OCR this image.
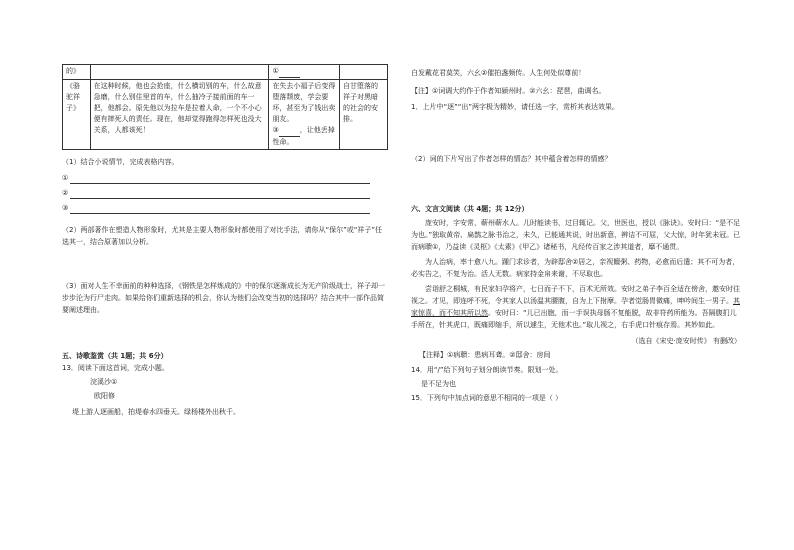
的》		①	
《骆驼祥子》	在这种时候，他也会抢座，什么横切别的车，什么故意急磨，什么别住里首的车，什么抽冷子接前面的车一把，他都会。原先他以为拉车是拉着人命，一个不小心便有摔死人的责任。现在，他却觉得跑得怎样死也没大关系，人都该死！	在失去小福子后变得堕落颓废，学会要坏，甚至为了钱出卖朋友。
③ ，让他丢掉性命。	自甘堕落的祥子对黑暗的社会的安排。

（1）结合小说情节，完成表格内容。

①
②
③

（2）两部著作在塑造人物形象时，尤其是主要人物形象时都使用了对比手法，请你从“保尔”或“祥子”任选其一，结合原著加以分析。

（3）面对人生不幸面前的种种选择，《钢铁是怎样炼成的》中的保尔逐渐成长为无产阶级战士，祥子却一步步沦为行尸走肉。如果给你们重新选择的机会，你认为他们会改变当初的选择吗？结合其中一部作品简要阐述理由。

五、诗歌鉴赏（共 1题；共 6分）

13．阅读下面这首词，完成小题。

浣溪沙①

欧阳修

堤上游人逐画船，拍堤春水四垂天。绿杨楼外出秋千。

白发戴花君莫笑，六幺②催拍盏频传。人生何处似尊前！

【注】①词调大约作于作者知颍州时。②六幺：琵琶，曲调名。

1．上片中“逐”“出”两字极为精妙，请任选一字，赏析其表达效果。

（2）词的下片写出了作者怎样的情态？其中蕴含着怎样的情感？

六、文言文阅读（共 4题；共 12分）

庞安时，字安常，蕲州蕲水人。儿时能读书，过目辄记。父，世医也，授以《脉诀》。安时曰：“是不足为也。”独取黄帝、扁鹊之脉书治之，未久，已能通其说，时出新意，辨诘不可屈，父大惊，时年犹未冠。已而病聩①，乃益读《灵枢》《太素》《甲乙》诸秘书，凡经传百家之涉其道者，靡不通贯。

为人治病，率十愈八九。踵门求诊者，为辟邸舍②居之，亲视饘粥、药物，必愈而后遣；其不可为者，必实告之，不复为治。活人无数。病家持金帛来谢，不尽取也。

尝诣舒之桐城，有民家妇孕将产，七日而子不下，百术无所效。安时之弟子李百全适在傍舍，邀安时往视之。才见，即连呼不死，令其家人以汤温其腰腹，自为上下拊摩。孕者觉肠胃微痛，呻吟间生一男子。其家惊喜，而不知其所以然。安时曰：“儿已出胞，而一手误执母肠不复能脱，故非符药所能为。吾隔腹扪儿手所在，针其虎口，既痛即缩手，所以遽生，无他术也。”取儿视之，右手虎口针痕存焉。其妙如此。

（选自《宋史·庞安时传》 有删改）

【注释】①病聩：患病耳聋。②邸舍：房间

14．用“/”给下列句子划分朗读节奏。限划一处。

是不足为也

15．下列句中加点词的意思不相同的一项是（ ）
